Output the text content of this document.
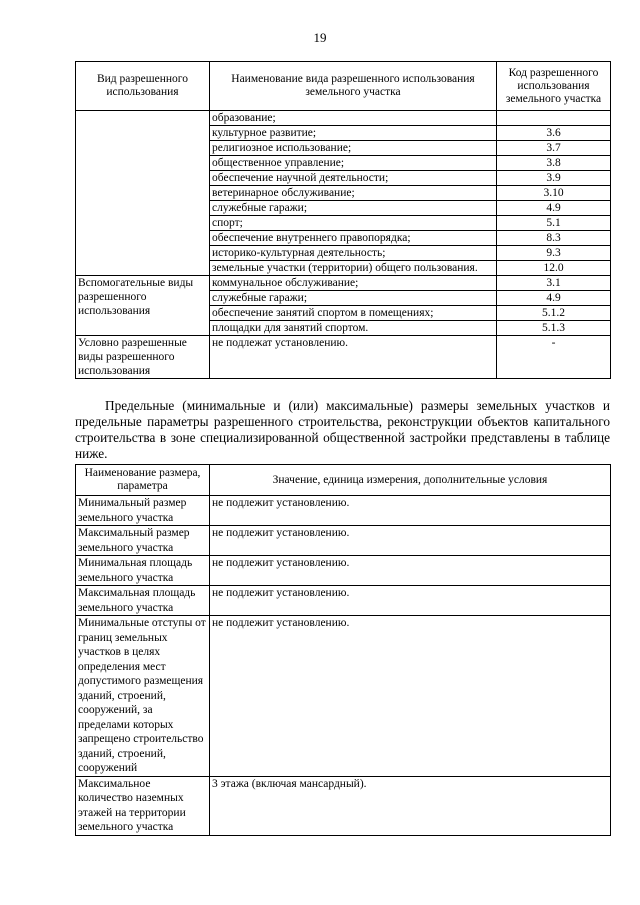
19
Вид разрешенного использования	Наименование вида разрешенного использования земельного участка	Код разрешенного использования земельного участка
	образование;	
	культурное развитие;	3.6
	религиозное использование;	3.7
	общественное управление;	3.8
	обеспечение научной деятельности;	3.9
	ветеринарное обслуживание;	3.10
	служебные гаражи;	4.9
	спорт;	5.1
	обеспечение внутреннего правопорядка;	8.3
	историко-культурная деятельность;	9.3
	земельные участки (территории) общего пользования.	12.0
Вспомогательные виды разрешенного использования	коммунальное обслуживание;	3.1
	служебные гаражи;	4.9
	обеспечение занятий спортом в помещениях;	5.1.2
	площадки для занятий спортом.	5.1.3
Условно разрешенные виды разрешенного использования	не подлежат установлению.	-

Предельные (минимальные и (или) максимальные) размеры земельных участков и предельные параметры разрешенного строительства, реконструкции объектов капитального строительства в зоне специализированной общественной застройки представлены в таблице ниже.

Наименование размера, параметра	Значение, единица измерения, дополнительные условия
Минимальный размер земельного участка	не подлежит установлению.
Максимальный размер земельного участка	не подлежит установлению.
Минимальная площадь земельного участка	не подлежит установлению.
Максимальная площадь земельного участка	не подлежит установлению.
Минимальные отступы от границ земельных участков в целях определения мест допустимого размещения зданий, строений, сооружений, за пределами которых запрещено строительство зданий, строений, сооружений	не подлежит установлению.
Максимальное количество наземных этажей на территории земельного участка	3 этажа (включая мансардный).
